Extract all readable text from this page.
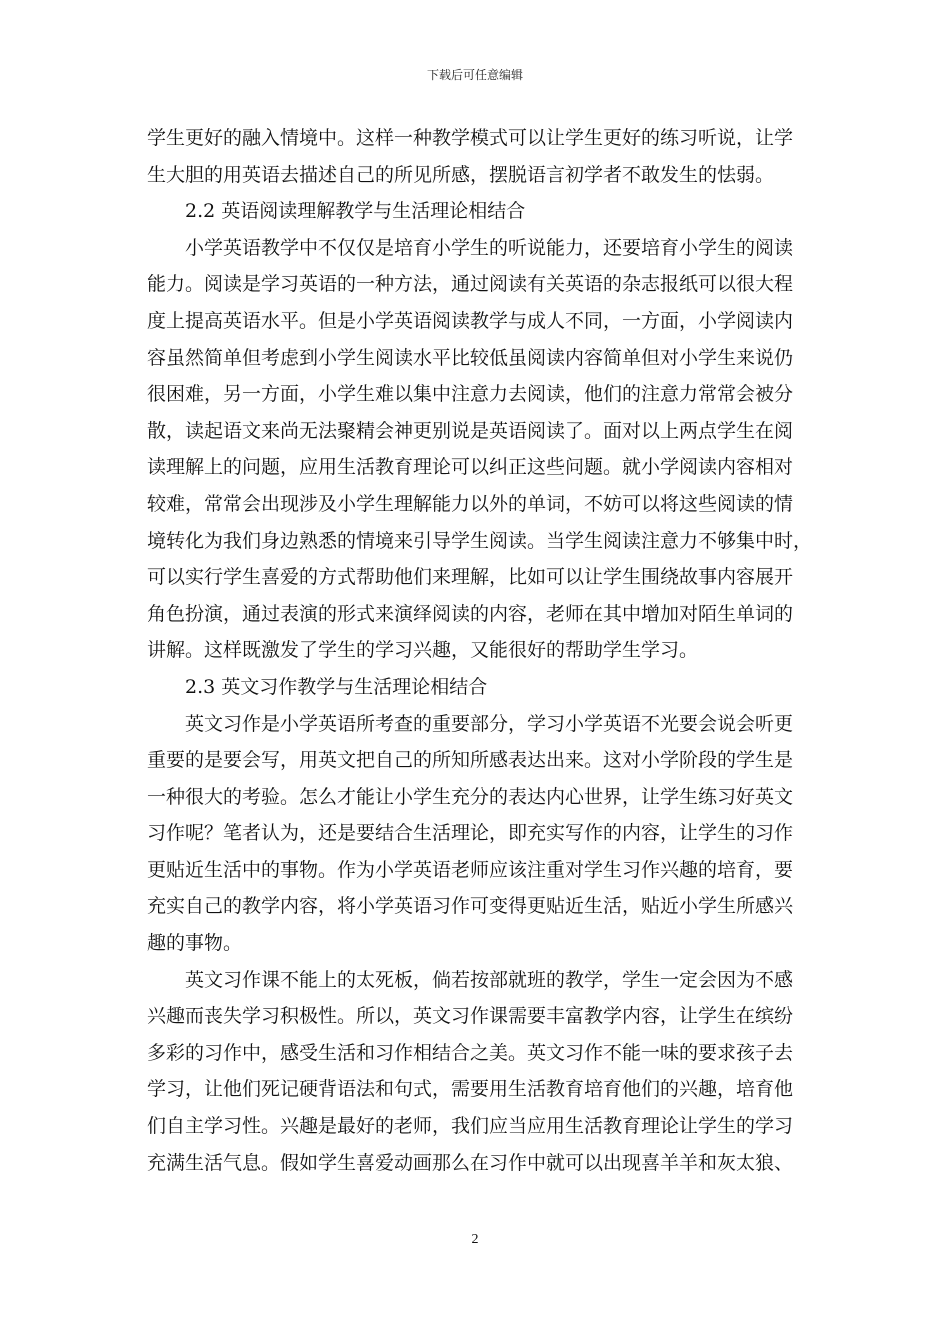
下载后可任意编辑

学生更好的融入情境中。这样一种教学模式可以让学生更好的练习听说，让学
生大胆的用英语去描述自己的所见所感，摆脱语言初学者不敢发生的怯弱。

2.2 英语阅读理解教学与生活理论相结合

小学英语教学中不仅仅是培育小学生的听说能力，还要培育小学生的阅读
能力。阅读是学习英语的一种方法，通过阅读有关英语的杂志报纸可以很大程
度上提高英语水平。但是小学英语阅读教学与成人不同，一方面，小学阅读内
容虽然简单但考虑到小学生阅读水平比较低虽阅读内容简单但对小学生来说仍
很困难，另一方面，小学生难以集中注意力去阅读，他们的注意力常常会被分
散，读起语文来尚无法聚精会神更别说是英语阅读了。面对以上两点学生在阅
读理解上的问题，应用生活教育理论可以纠正这些问题。就小学阅读内容相对
较难，常常会出现涉及小学生理解能力以外的单词，不妨可以将这些阅读的情
境转化为我们身边熟悉的情境来引导学生阅读。当学生阅读注意力不够集中时，
可以实行学生喜爱的方式帮助他们来理解，比如可以让学生围绕故事内容展开
角色扮演，通过表演的形式来演绎阅读的内容，老师在其中增加对陌生单词的
讲解。这样既激发了学生的学习兴趣，又能很好的帮助学生学习。

2.3 英文习作教学与生活理论相结合

英文习作是小学英语所考查的重要部分，学习小学英语不光要会说会听更
重要的是要会写，用英文把自己的所知所感表达出来。这对小学阶段的学生是
一种很大的考验。怎么才能让小学生充分的表达内心世界，让学生练习好英文
习作呢？笔者认为，还是要结合生活理论，即充实写作的内容，让学生的习作
更贴近生活中的事物。作为小学英语老师应该注重对学生习作兴趣的培育，要
充实自己的教学内容，将小学英语习作可变得更贴近生活，贴近小学生所感兴
趣的事物。

英文习作课不能上的太死板，倘若按部就班的教学，学生一定会因为不感
兴趣而丧失学习积极性。所以，英文习作课需要丰富教学内容，让学生在缤纷
多彩的习作中，感受生活和习作相结合之美。英文习作不能一味的要求孩子去
学习，让他们死记硬背语法和句式，需要用生活教育培育他们的兴趣，培育他
们自主学习性。兴趣是最好的老师，我们应当应用生活教育理论让学生的学习
充满生活气息。假如学生喜爱动画那么在习作中就可以出现喜羊羊和灰太狼、

2
